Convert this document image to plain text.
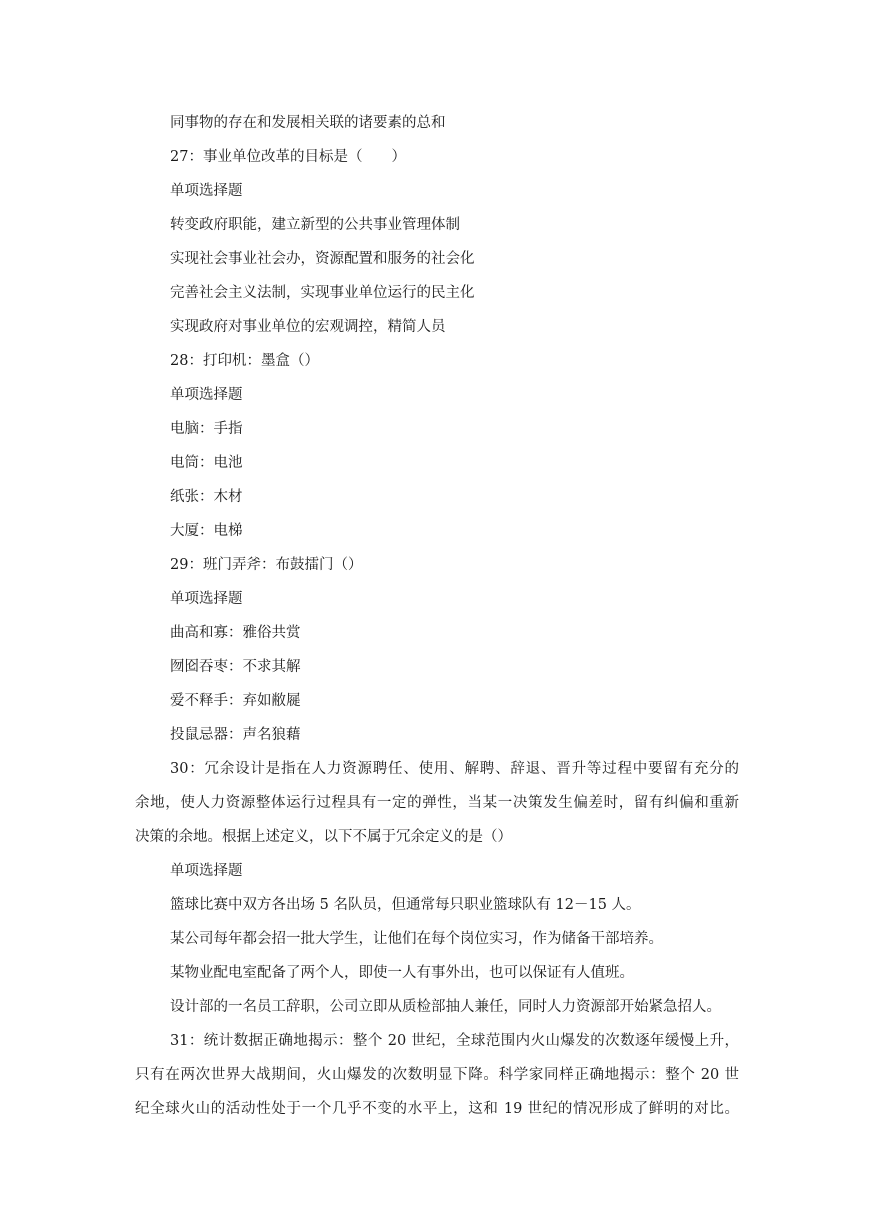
同事物的存在和发展相关联的诸要素的总和
27：事业单位改革的目标是（　　）
单项选择题
转变政府职能，建立新型的公共事业管理体制
实现社会事业社会办，资源配置和服务的社会化
完善社会主义法制，实现事业单位运行的民主化
实现政府对事业单位的宏观调控，精简人员
28：打印机：墨盒（）
单项选择题
电脑：手指
电筒：电池
纸张：木材
大厦：电梯
29：班门弄斧：布鼓擂门（）
单项选择题
曲高和寡：雅俗共赏
囫囵吞枣：不求其解
爱不释手：弃如敝屣
投鼠忌器：声名狼藉
30：冗余设计是指在人力资源聘任、使用、解聘、辞退、晋升等过程中要留有充分的
余地，使人力资源整体运行过程具有一定的弹性，当某一决策发生偏差时，留有纠偏和重新
决策的余地。根据上述定义，以下不属于冗余定义的是（）
单项选择题
篮球比赛中双方各出场 5 名队员，但通常每只职业篮球队有 12－15 人。
某公司每年都会招一批大学生，让他们在每个岗位实习，作为储备干部培养。
某物业配电室配备了两个人，即使一人有事外出，也可以保证有人值班。
设计部的一名员工辞职，公司立即从质检部抽人兼任，同时人力资源部开始紧急招人。
31：统计数据正确地揭示：整个 20 世纪，全球范围内火山爆发的次数逐年缓慢上升，
只有在两次世界大战期间，火山爆发的次数明显下降。科学家同样正确地揭示：整个 20 世
纪全球火山的活动性处于一个几乎不变的水平上，这和 19 世纪的情况形成了鲜明的对比。
